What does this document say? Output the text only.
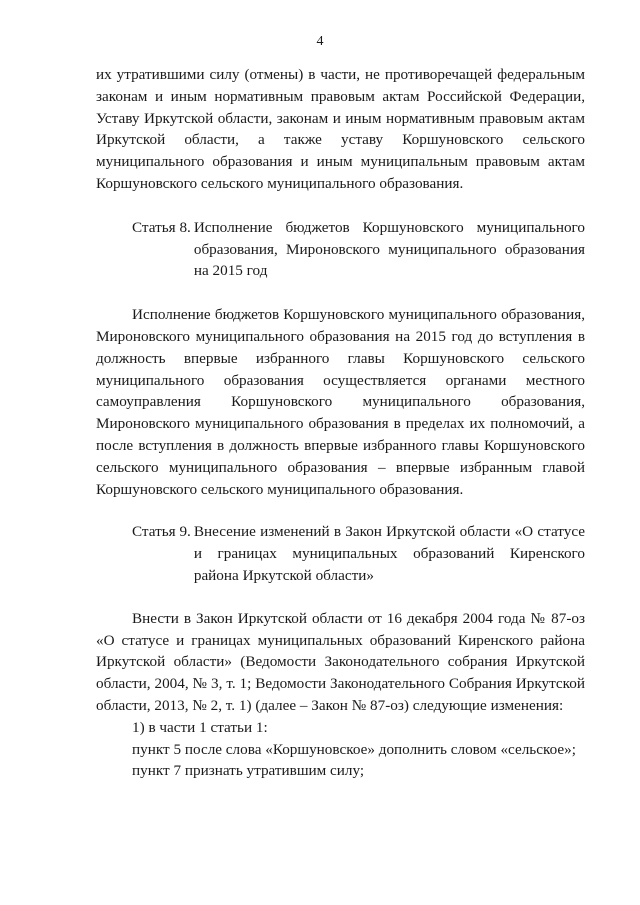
4

их утратившими силу (отмены) в части, не противоречащей федеральным законам и иным нормативным правовым актам Российской Федерации, Уставу Иркутской области, законам и иным нормативным правовым актам Иркутской области, а также уставу Коршуновского сельского муниципального образования и иным муниципальным правовым актам Коршуновского сельского муниципального образования.

Статья 8. Исполнение бюджетов Коршуновского муниципального образования, Мироновского муниципального образования на 2015 год

Исполнение бюджетов Коршуновского муниципального образования, Мироновского муниципального образования на 2015 год до вступления в должность впервые избранного главы Коршуновского сельского муниципального образования осуществляется органами местного самоуправления Коршуновского муниципального образования, Мироновского муниципального образования в пределах их полномочий, а после вступления в должность впервые избранного главы Коршуновского сельского муниципального образования – впервые избранным главой Коршуновского сельского муниципального образования.

Статья 9. Внесение изменений в Закон Иркутской области «О статусе и границах муниципальных образований Киренского района Иркутской области»

Внести в Закон Иркутской области от 16 декабря 2004 года № 87-оз «О статусе и границах муниципальных образований Киренского района Иркутской области» (Ведомости Законодательного собрания Иркутской области, 2004, № 3, т. 1; Ведомости Законодательного Собрания Иркутской области, 2013, № 2, т. 1) (далее – Закон № 87-оз) следующие изменения:

1) в части 1 статьи 1:
пункт 5 после слова «Коршуновское» дополнить словом «сельское»;
пункт 7 признать утратившим силу;
